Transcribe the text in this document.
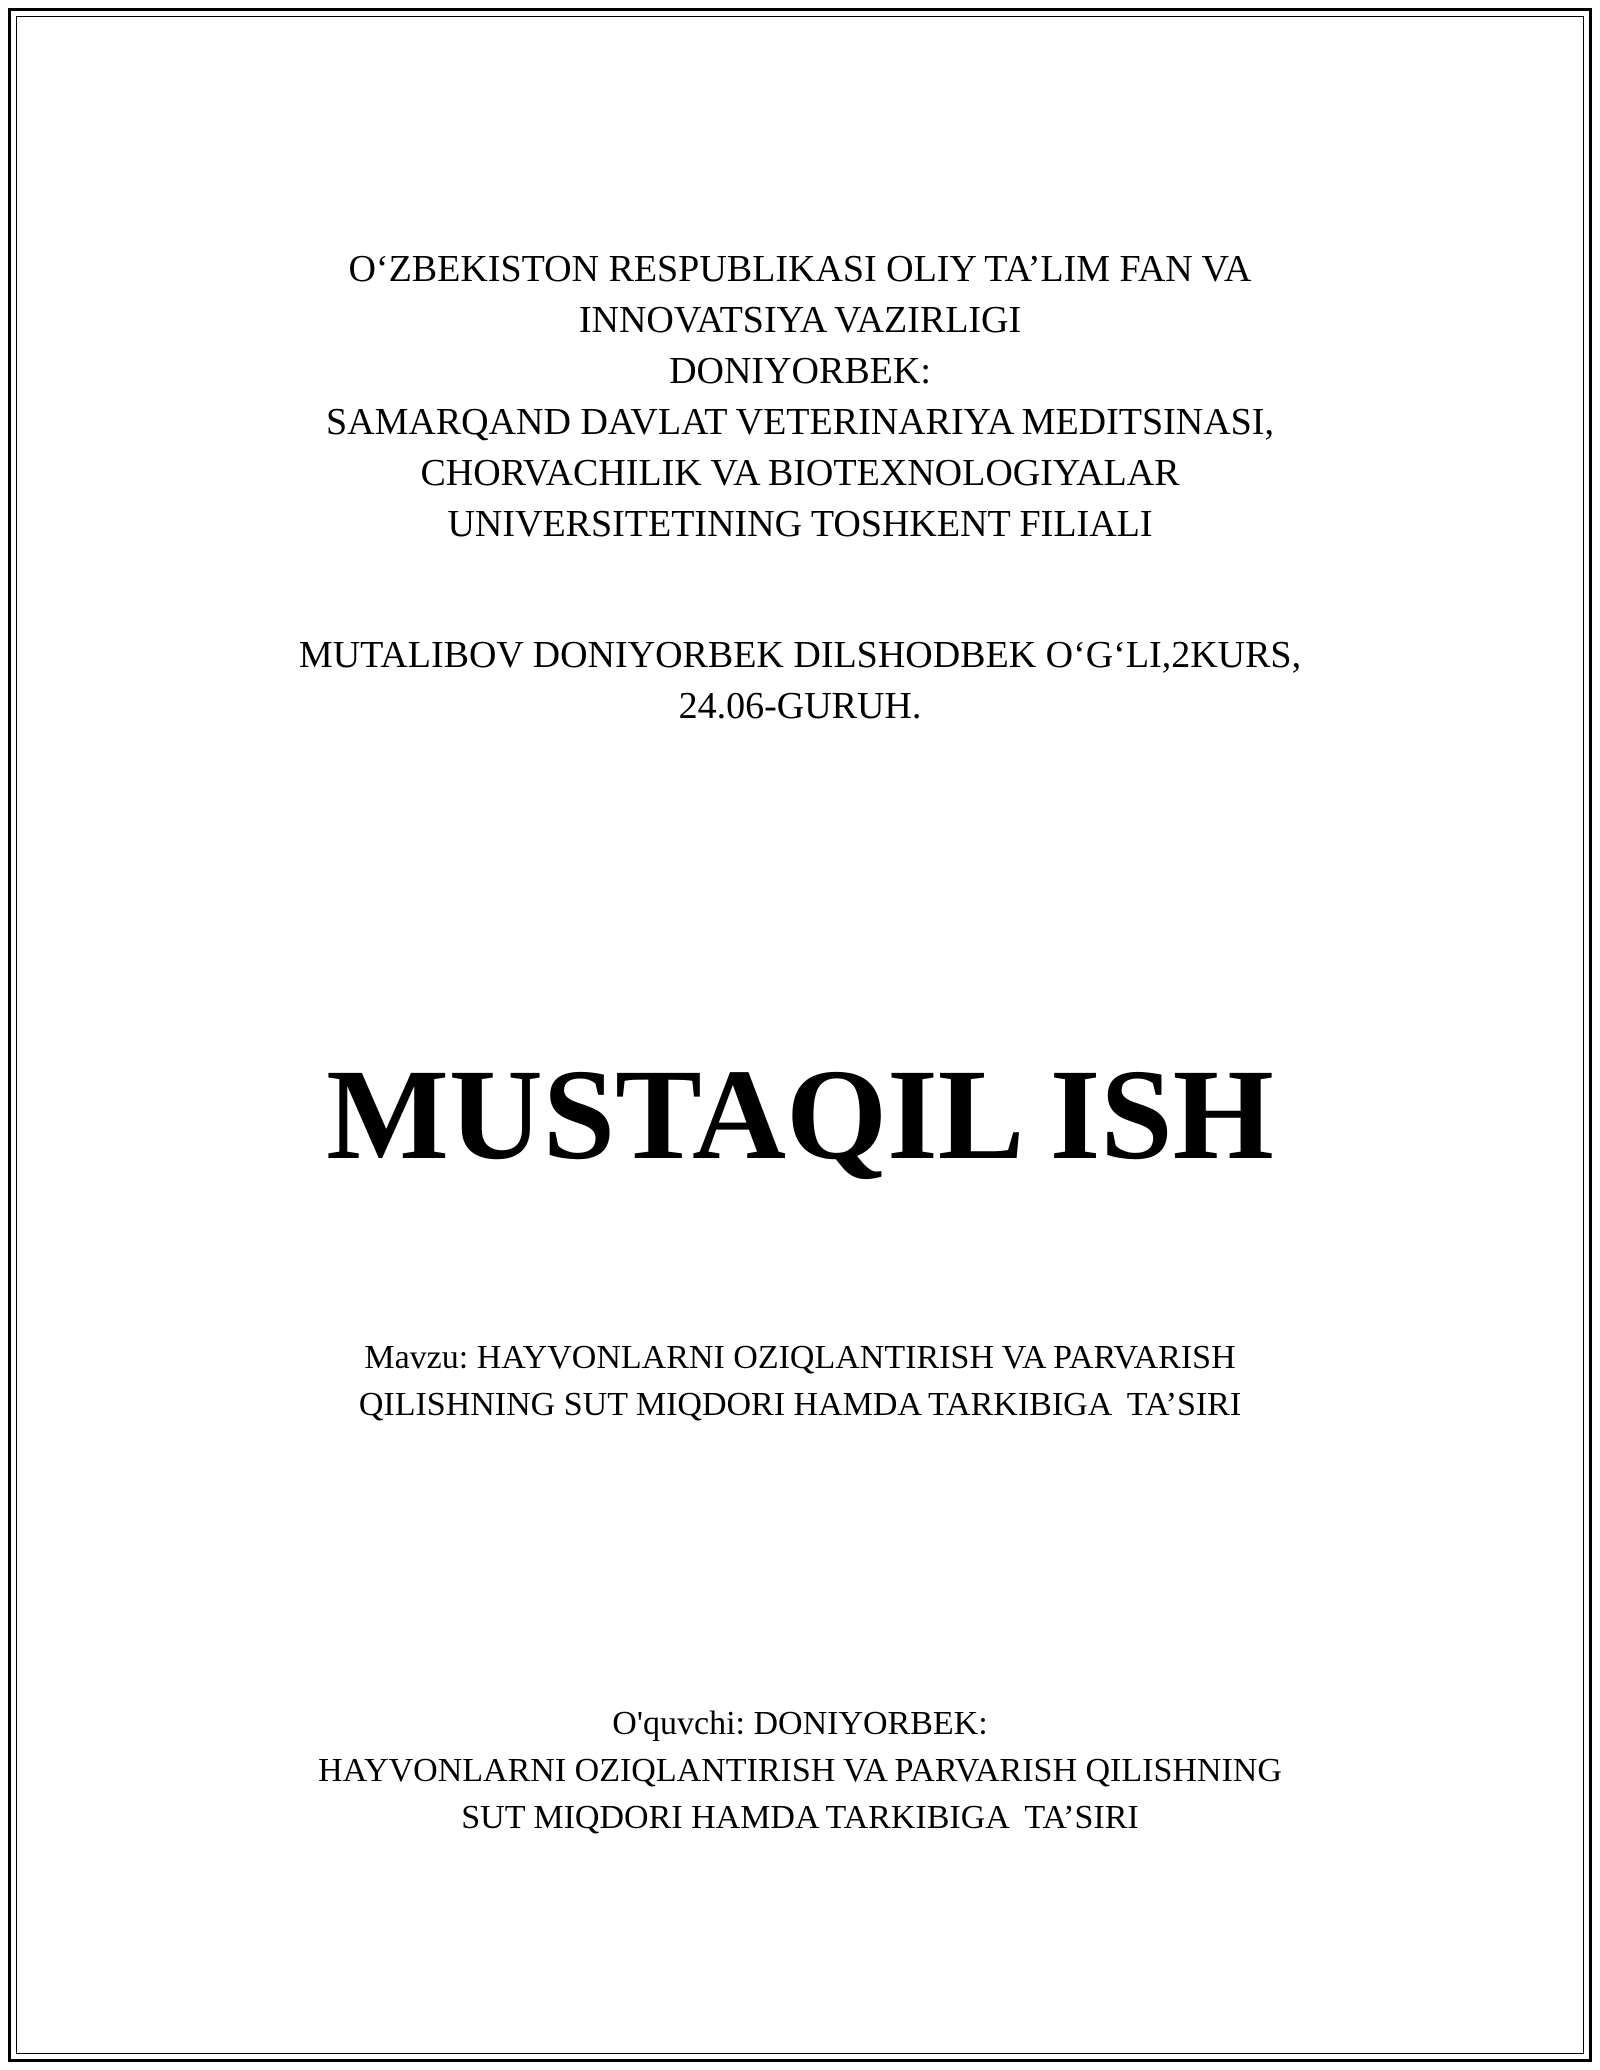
O‘ZBEKISTON RESPUBLIKASI OLIY TA’LIM FAN VA
INNOVATSIYA VAZIRLIGI
DONIYORBEK:
SAMARQAND DAVLAT VETERINARIYA MEDITSINASI,
CHORVACHILIK VA BIOTEXNOLOGIYALAR
UNIVERSITETINING TOSHKENT FILIALI
MUTALIBOV DONIYORBEK DILSHODBEK O‘G‘LI,2KURS,
24.06-GURUH.
MUSTAQIL ISH
Mavzu: HAYVONLARNI OZIQLANTIRISH VA PARVARISH
QILISHNING SUT MIQDORI HAMDA TARKIBIGA  TA’SIRI
O'quvchi: DONIYORBEK:
HAYVONLARNI OZIQLANTIRISH VA PARVARISH QILISHNING
SUT MIQDORI HAMDA TARKIBIGA  TA’SIRI
